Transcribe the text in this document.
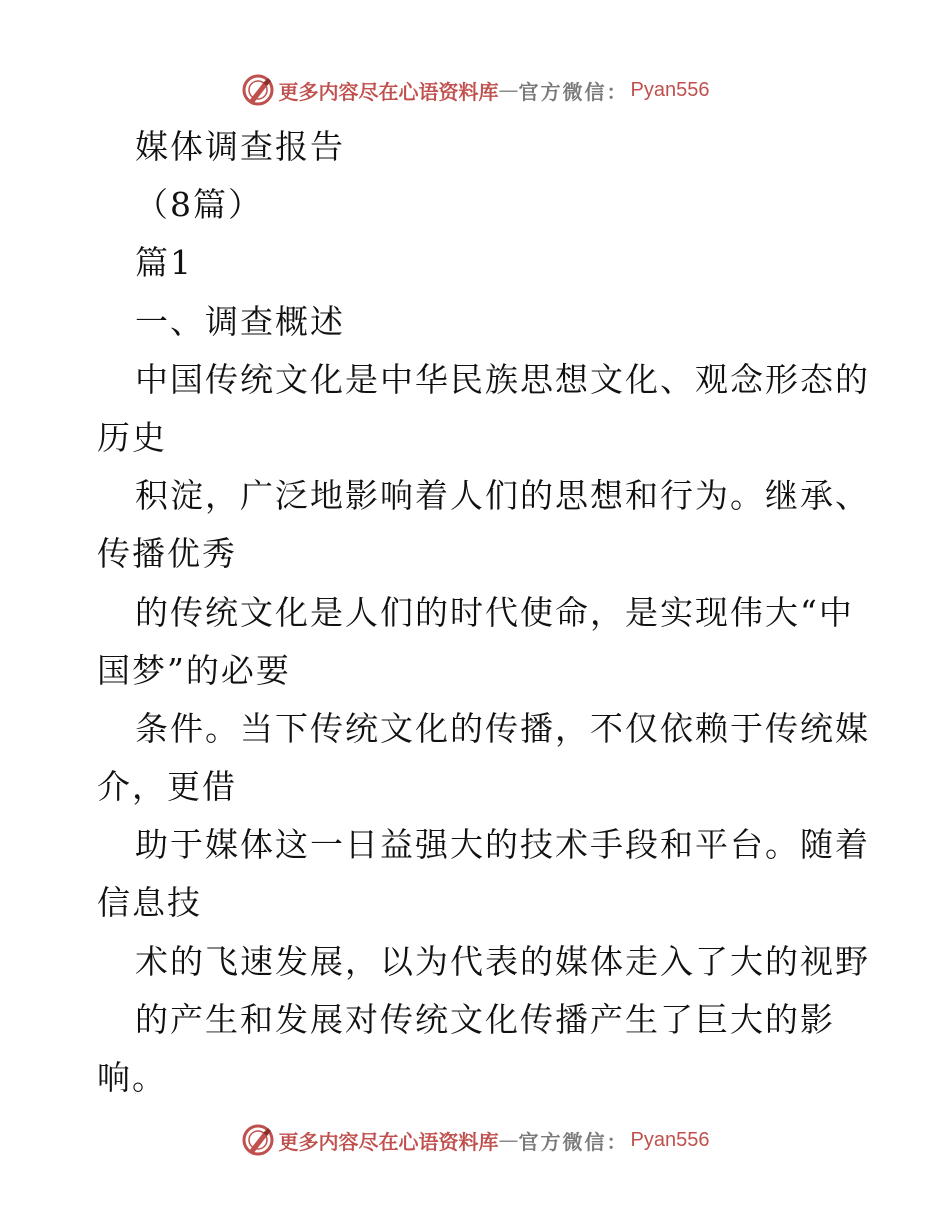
更多内容尽在心语资料库 — 官方微信： Pyan556
媒体调查报告
（8篇）
篇1
一、调查概述
中国传统文化是中华民族思想文化、观念形态的
历史
积淀，广泛地影响着人们的思想和行为。继承、
传播优秀
的传统文化是人们的时代使命，是实现伟大“中
国梦”的必要
条件。当下传统文化的传播，不仅依赖于传统媒
介，更借
助于媒体这一日益强大的技术手段和平台。随着
信息技
术的飞速发展，以为代表的媒体走入了大的视野
的产生和发展对传统文化传播产生了巨大的影
响。
更多内容尽在心语资料库 — 官方微信： Pyan556
